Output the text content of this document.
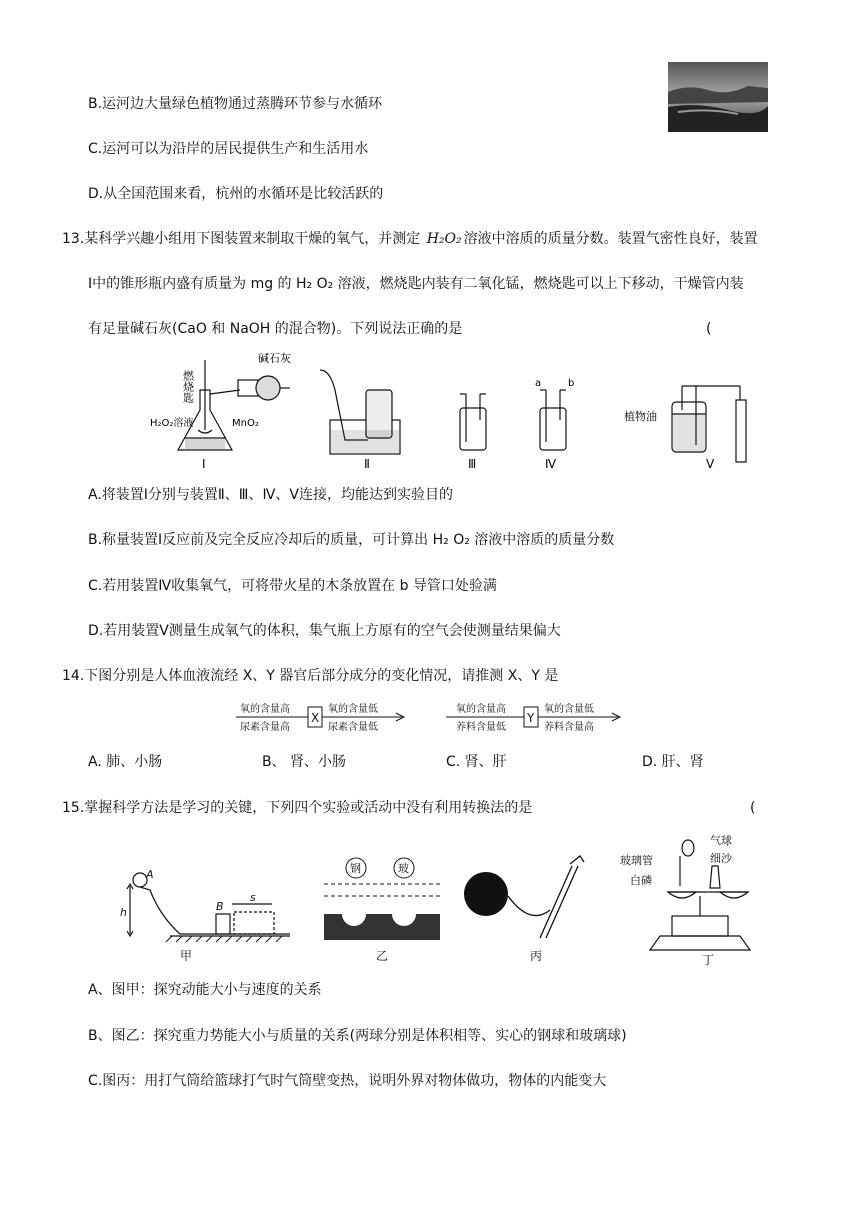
B.运河边大量绿色植物通过蒸腾环节参与水循环
C.运河可以为沿岸的居民提供生产和生活用水
D.从全国范围来看，杭州的水循环是比较活跃的
13.某科学兴趣小组用下图装置来制取干燥的氧气，并测定 H₂O₂ 溶液中溶质的质量分数。装置气密性良好，装置
Ⅰ中的锥形瓶内盛有质量为 mg 的 H₂ O₂ 溶液，燃烧匙内装有二氧化锰，燃烧匙可以上下移动，干燥管内装
有足量碱石灰(CaO 和 NaOH 的混合物)。下列说法正确的是	(
碱石灰
燃烧匙
H₂O₂溶液	MnO₂
Ⅰ	Ⅱ	Ⅲ
a	b
Ⅳ
植物油
Ⅴ
A.将装置Ⅰ分别与装置Ⅱ、Ⅲ、Ⅳ、Ⅴ连接，均能达到实验目的
B.称量装置Ⅰ反应前及完全反应冷却后的质量，可计算出 H₂ O₂ 溶液中溶质的质量分数
C.若用装置Ⅳ收集氧气，可将带火星的木条放置在 b 导管口处验满
D.若用装置Ⅴ测量生成氧气的体积，集气瓶上方原有的空气会使测量结果偏大
14.下图分别是人体血液流经 X、Y 器官后部分成分的变化情况，请推测 X、Y 是
氧的含量高
尿素含量高
X
氧的含量低
尿素含量低
氧的含量高
养料含量低
Y
氧的含量低
养料含量高
A. 肺、小肠	B、 肾、小肠	C. 肾、肝	D. 肝、肾
15.掌握科学方法是学习的关键，下列四个实验或活动中没有利用转换法的是	(
A
h	B
s
钢	玻
气球
玻璃管	细沙
白磷
甲	乙	丙	丁
A、图甲：探究动能大小与速度的关系
B、图乙：探究重力势能大小与质量的关系(两球分别是体积相等、实心的钢球和玻璃球)
C.图丙：用打气筒给篮球打气时气筒壁变热，说明外界对物体做功，物体的内能变大
